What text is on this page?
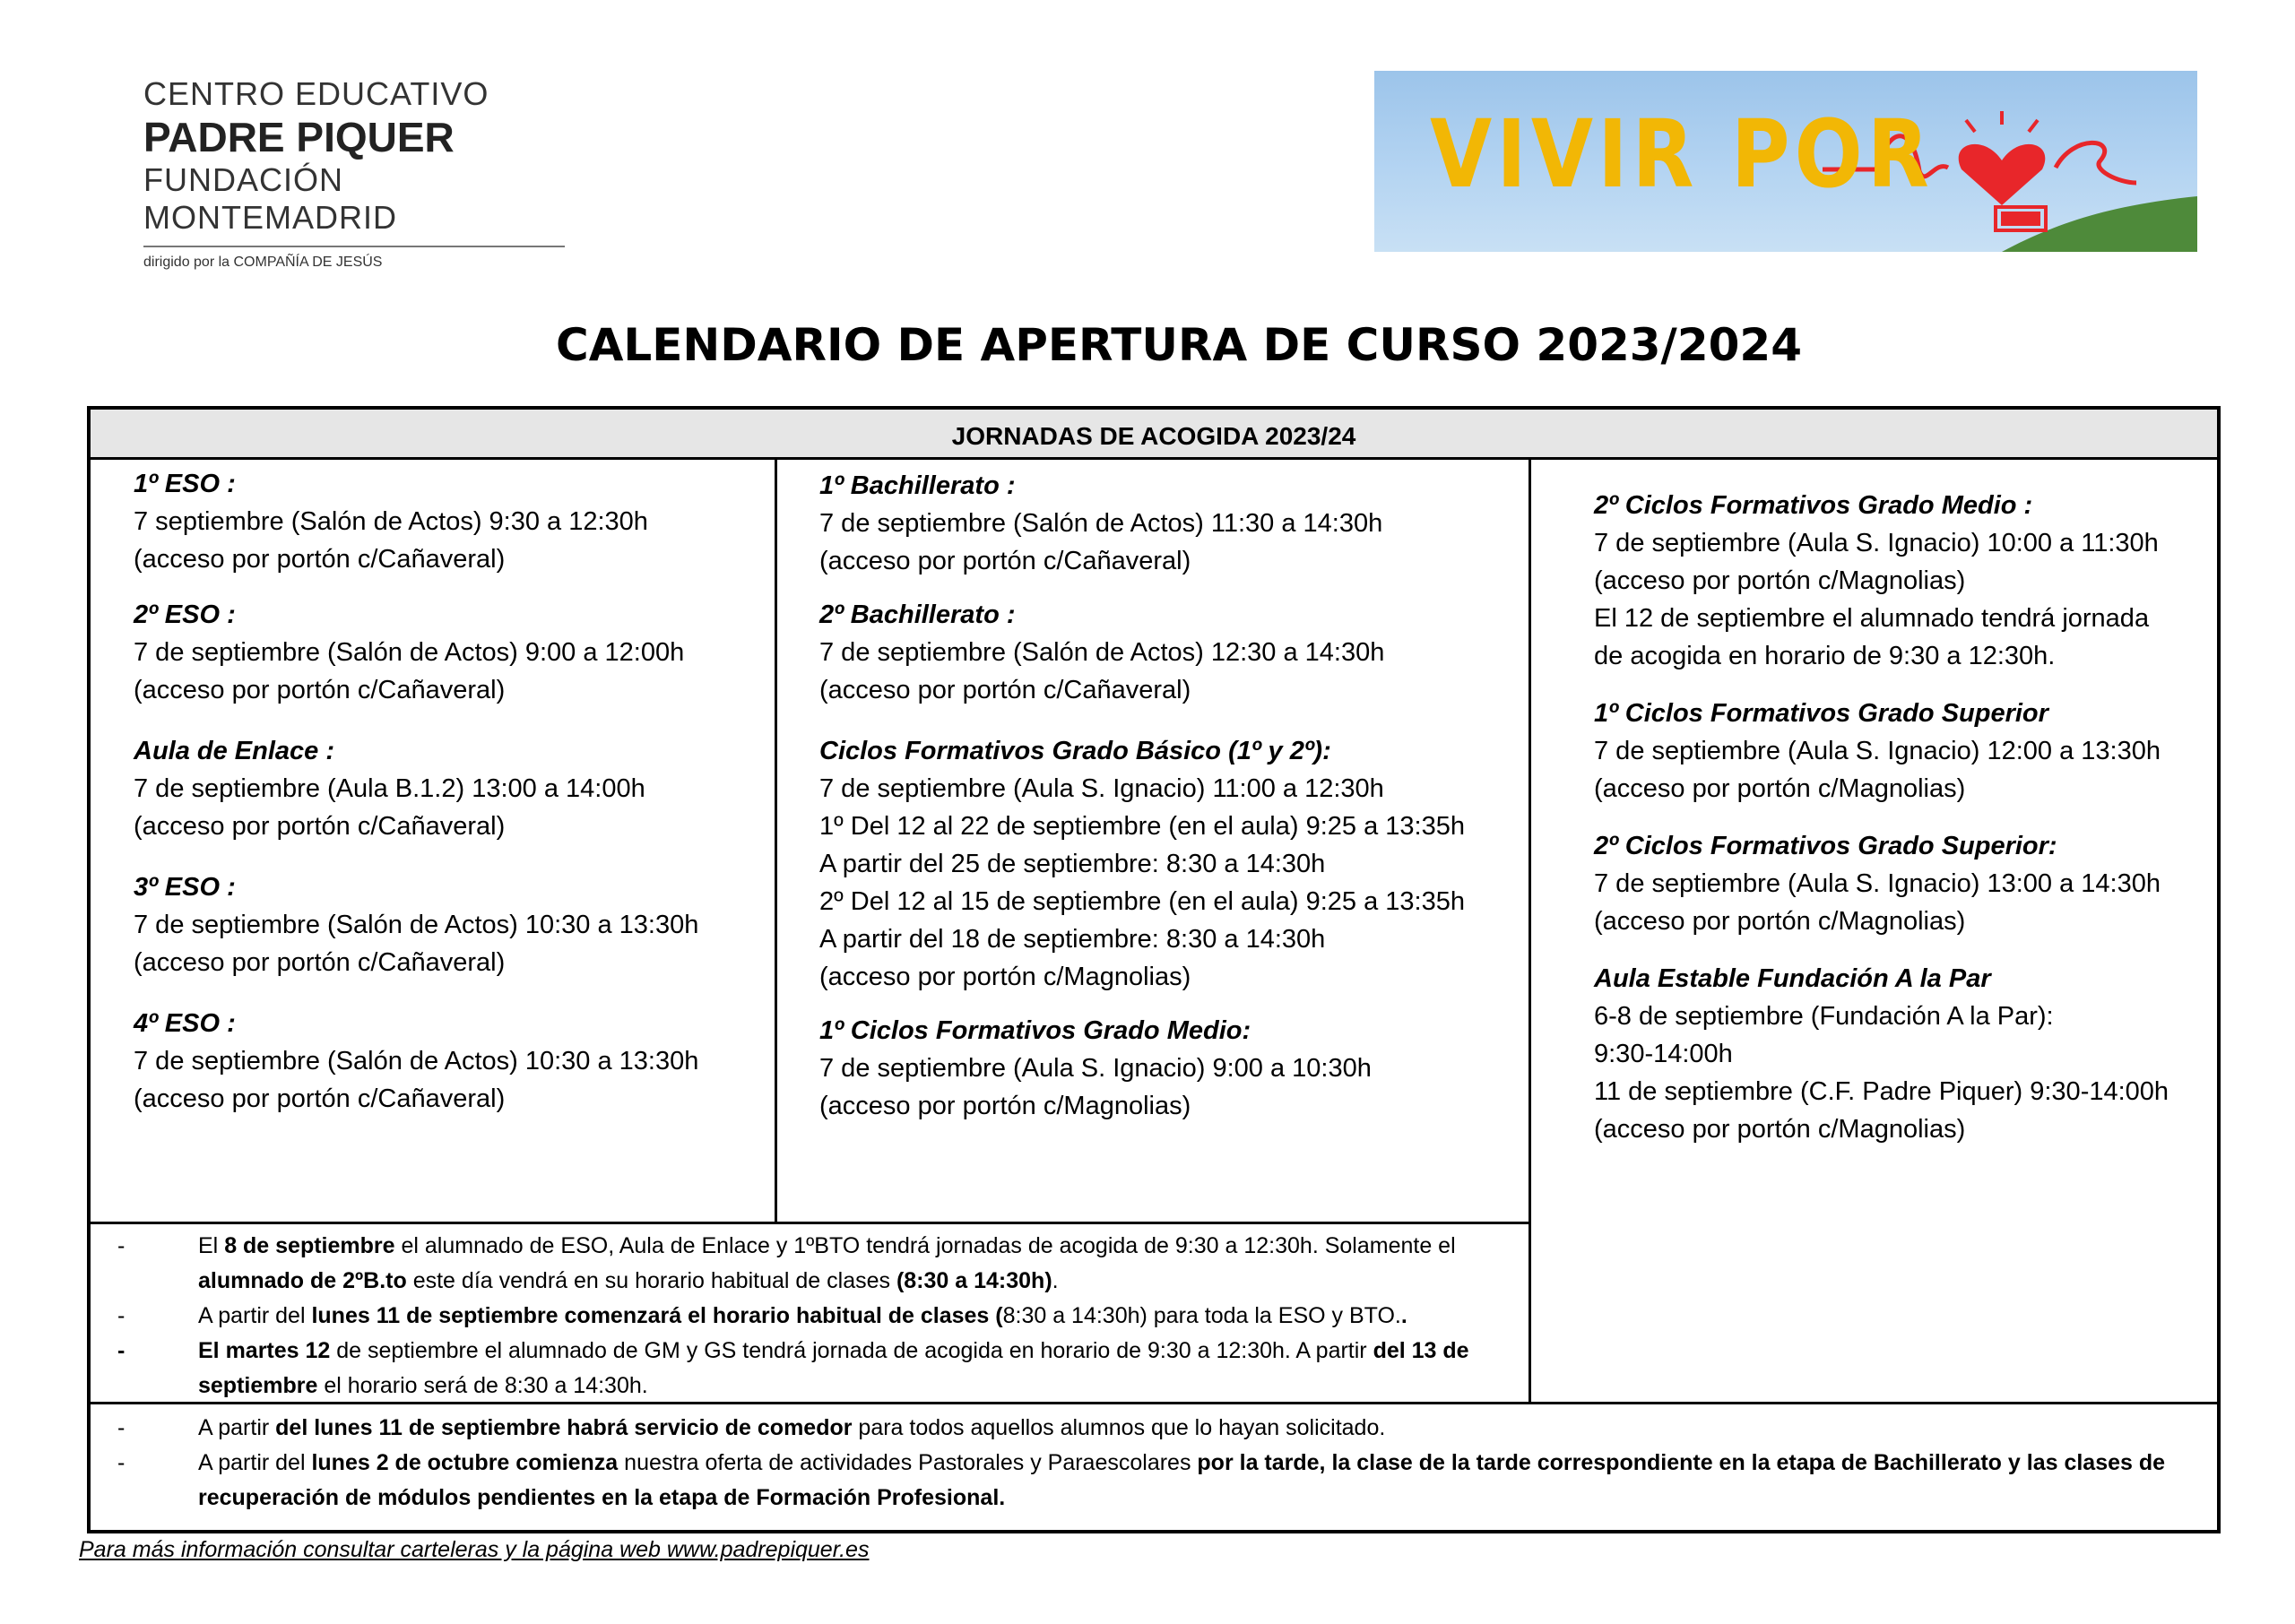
CENTRO EDUCATIVO
PADRE PIQUER
FUNDACIÓN MONTEMADRID
dirigido por la COMPAÑÍA DE JESÚS
VIVIR POR
CALENDARIO DE APERTURA DE CURSO 2023/2024
JORNADAS DE ACOGIDA 2023/24

1º ESO :

7 septiembre (Salón de Actos) 9:30 a 12:30h

(acceso por portón c/Cañaveral)

2º ESO :

7 de septiembre (Salón de Actos) 9:00 a 12:00h

(acceso por portón c/Cañaveral)

Aula de Enlace :

7 de septiembre (Aula B.1.2) 13:00 a 14:00h

(acceso por portón c/Cañaveral)

3º ESO :

7 de septiembre (Salón de Actos) 10:30 a 13:30h

(acceso por portón c/Cañaveral)

4º ESO :

7 de septiembre (Salón de Actos) 10:30 a 13:30h

(acceso por portón c/Cañaveral)

1º Bachillerato :

7 de septiembre (Salón de Actos) 11:30 a 14:30h

(acceso por portón c/Cañaveral)

2º Bachillerato :

7 de septiembre (Salón de Actos) 12:30 a 14:30h

(acceso por portón c/Cañaveral)

Ciclos Formativos Grado Básico (1º y 2º):

7 de septiembre (Aula S. Ignacio) 11:00 a 12:30h

1º Del 12 al 22 de septiembre (en el aula) 9:25 a 13:35h

A partir del 25 de septiembre: 8:30 a 14:30h

2º Del 12 al 15 de septiembre (en el aula) 9:25 a 13:35h

A partir del 18 de septiembre: 8:30 a 14:30h

(acceso por portón c/Magnolias)

1º Ciclos Formativos Grado Medio:

7 de septiembre (Aula S. Ignacio) 9:00 a 10:30h

(acceso por portón c/Magnolias)

2º Ciclos Formativos Grado Medio :

7 de septiembre (Aula S. Ignacio) 10:00 a 11:30h

(acceso por portón c/Magnolias)

El 12 de septiembre el alumnado tendrá jornada

de acogida en horario de 9:30 a 12:30h.

1º Ciclos Formativos Grado Superior

7 de septiembre (Aula S. Ignacio) 12:00 a 13:30h

(acceso por portón c/Magnolias)

2º Ciclos Formativos Grado Superior:

7 de septiembre (Aula S. Ignacio) 13:00 a 14:30h

(acceso por portón c/Magnolias)

Aula Estable Fundación A la Par

6-8 de septiembre (Fundación A la Par):

9:30-14:00h

11 de septiembre (C.F. Padre Piquer) 9:30-14:00h

(acceso por portón c/Magnolias)

-	El 8 de septiembre el alumnado de ESO, Aula de Enlace y 1ºBTO tendrá jornadas de acogida de 9:30 a 12:30h. Solamente el alumnado de 2ºB.to este día vendrá en su horario habitual de clases (8:30 a 14:30h).
-	A partir del lunes 11 de septiembre comenzará el horario habitual de clases (8:30 a 14:30h) para toda la ESO y BTO..
-	El martes 12 de septiembre el alumnado de GM y GS tendrá jornada de acogida en horario de 9:30 a 12:30h. A partir del 13 de septiembre el horario será de 8:30 a 14:30h.
-	A partir del lunes 11 de septiembre habrá servicio de comedor para todos aquellos alumnos que lo hayan solicitado.
-	A partir del lunes 2 de octubre comienza nuestra oferta de actividades Pastorales y Paraescolares por la tarde, la clase de la tarde correspondiente en la etapa de Bachillerato y las clases de recuperación de módulos pendientes en la etapa de Formación Profesional.
Para más información consultar carteleras y la página web www.padrepiquer.es
